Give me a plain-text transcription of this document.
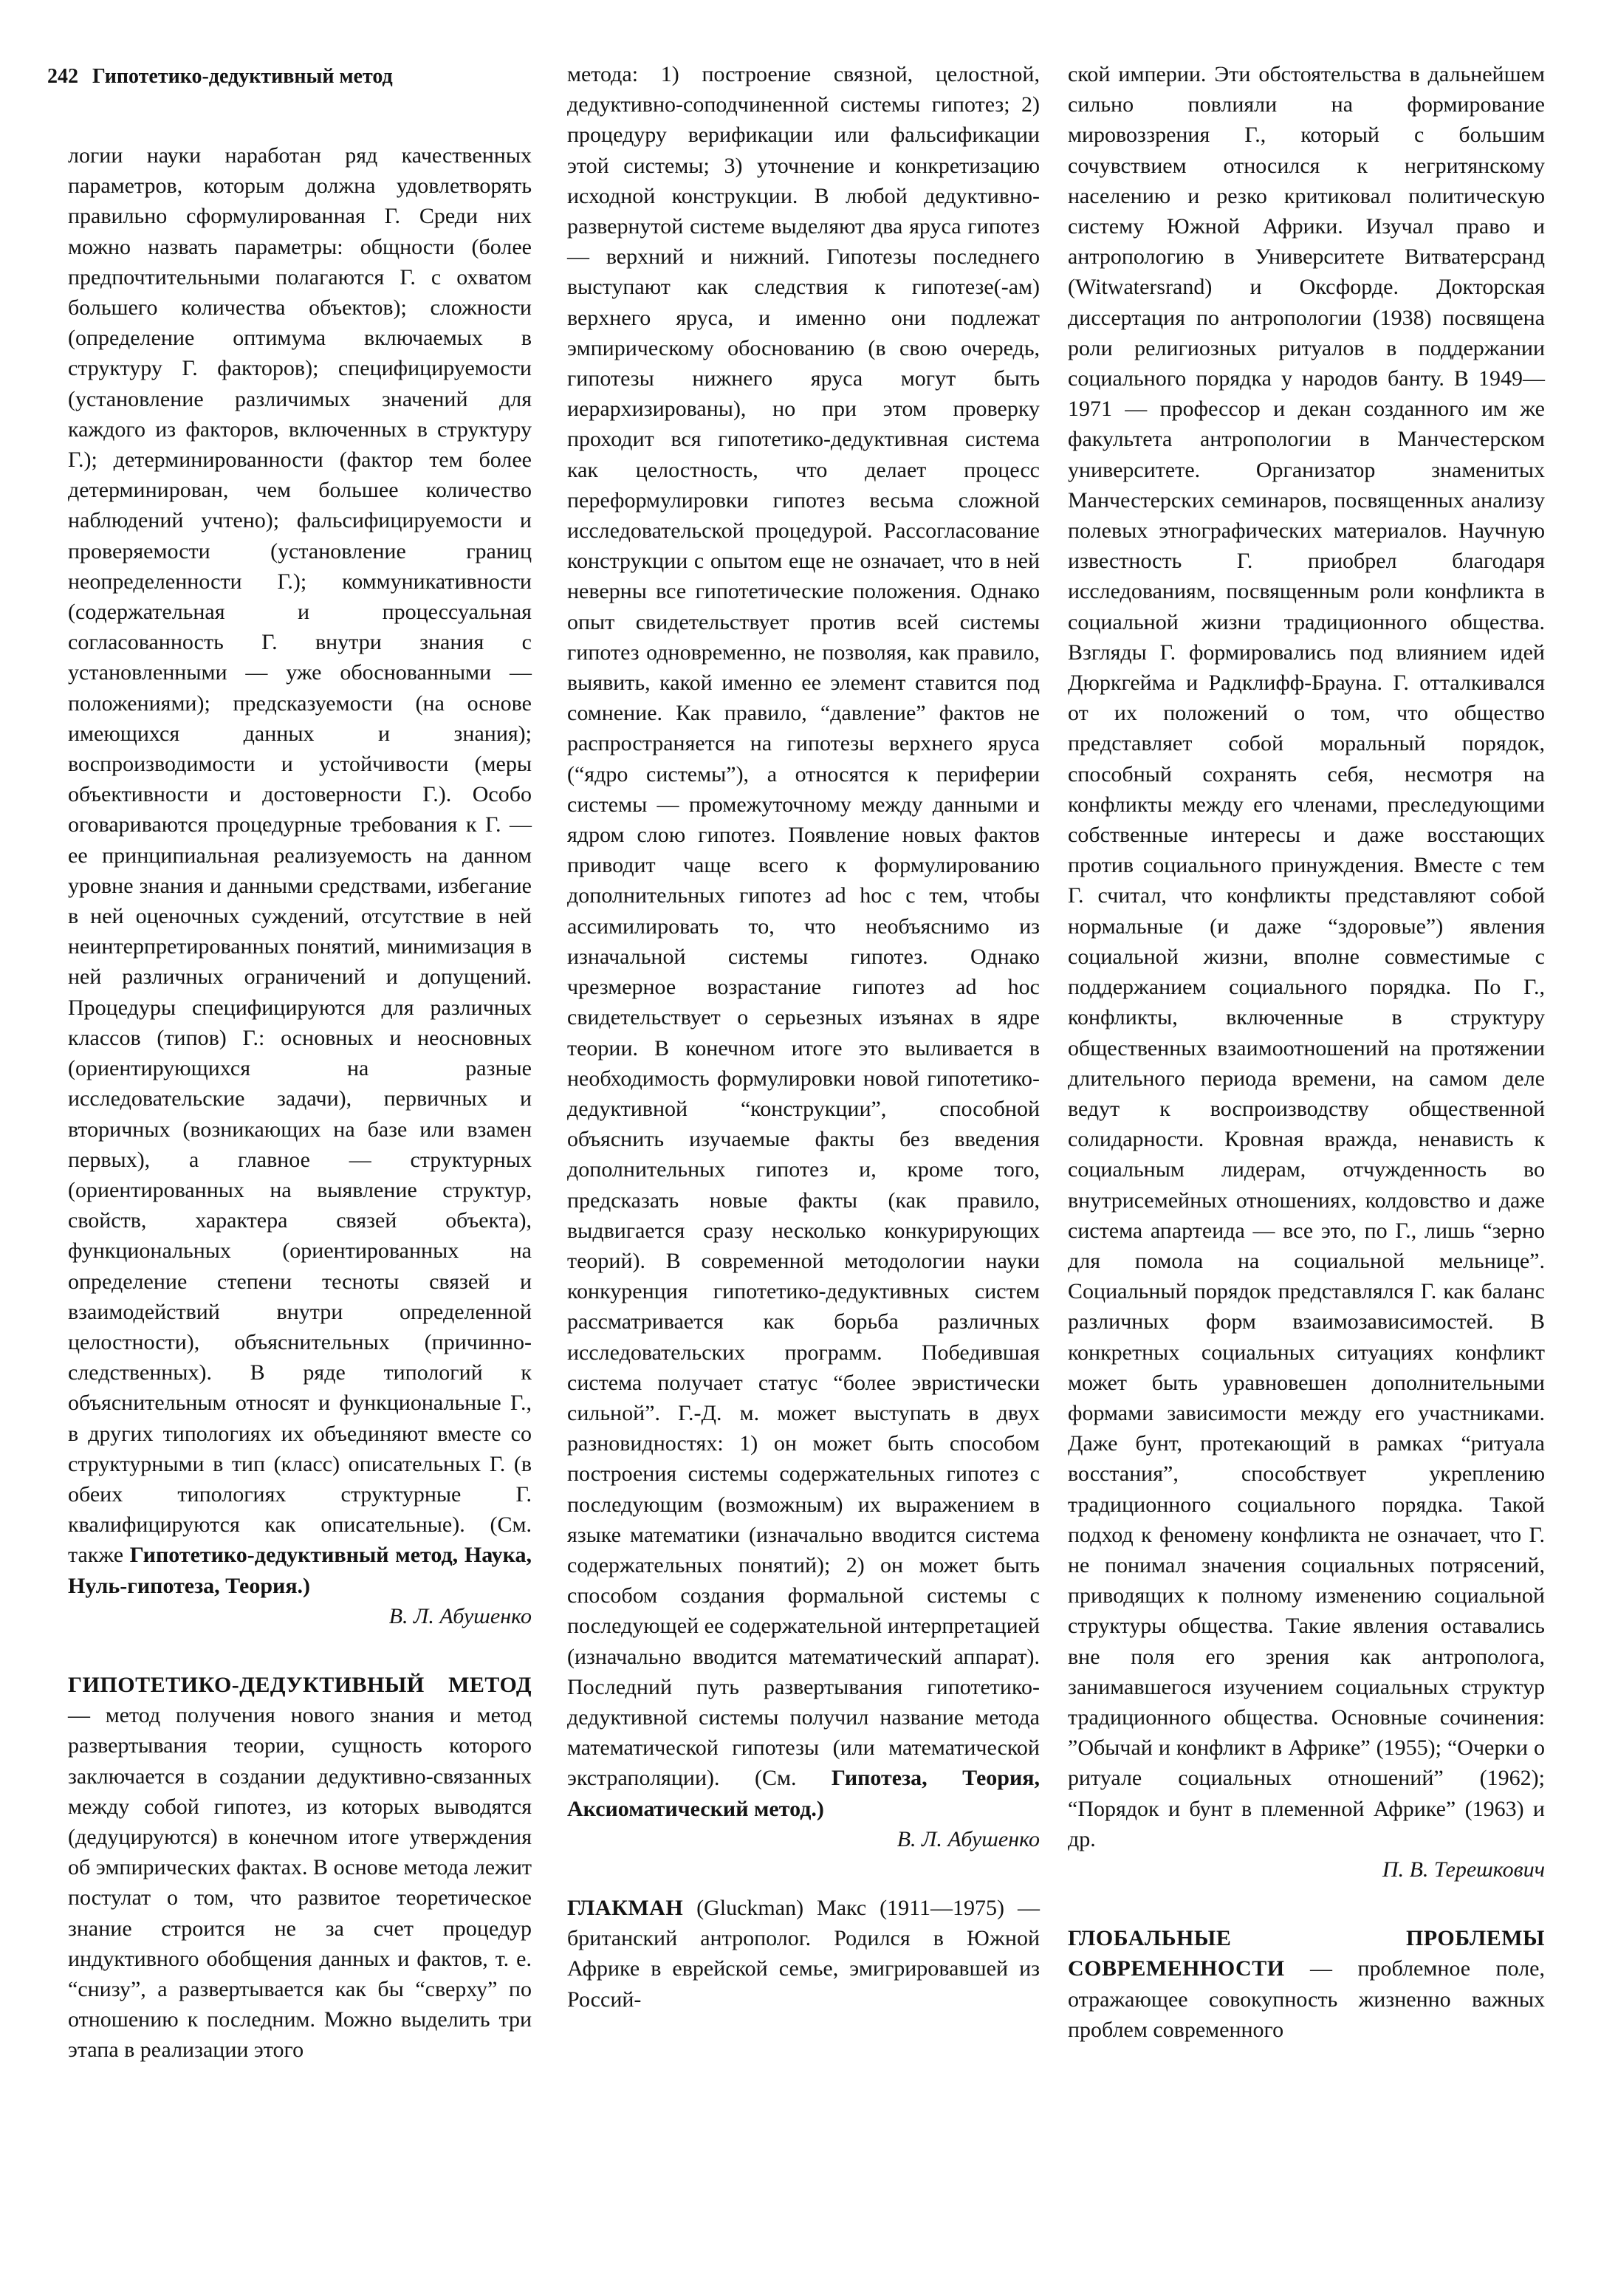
242 Гипотетико-дедуктивный метод

логии науки наработан ряд качественных параметров, которым должна удовлетворять правильно сформулированная Г. Среди них можно назвать параметры: общности (более предпочтительными полагаются Г. с охватом большего количества объектов); сложности (определение оптимума включаемых в структуру Г. факторов); специфицируемости (установление различимых значений для каждого из факторов, включенных в структуру Г.); детерминированности (фактор тем более детерминирован, чем большее количество наблюдений учтено); фальсифицируемости и проверяемости (установление границ неопределенности Г.); коммуникативности (содержательная и процессуальная согласованность Г. внутри знания с установленными — уже обоснованными — положениями); предсказуемости (на основе имеющихся данных и знания); воспроизводимости и устойчивости (меры объективности и достоверности Г.). Особо оговариваются процедурные требования к Г. — ее принципиальная реализуемость на данном уровне знания и данными средствами, избегание в ней оценочных суждений, отсутствие в ней неинтерпретированных понятий, минимизация в ней различных ограничений и допущений. Процедуры специфицируются для различных классов (типов) Г.: основных и неосновных (ориентирующихся на разные исследовательские задачи), первичных и вторичных (возникающих на базе или взамен первых), а главное — структурных (ориентированных на выявление структур, свойств, характера связей объекта), функциональных (ориентированных на определение степени тесноты связей и взаимодействий внутри определенной целостности), объяснительных (причинно-следственных). В ряде типологий к объяснительным относят и функциональные Г., в других типологиях их объединяют вместе со структурными в тип (класс) описательных Г. (в обеих типологиях структурные Г. квалифицируются как описательные). (См. также Гипотетико-дедуктивный метод, Наука, Нуль-гипотеза, Теория.)

В. Л. Абушенко

ГИПОТЕТИКО-ДЕДУКТИВНЫЙ МЕТОД — метод получения нового знания и метод развертывания теории, сущность которого заключается в создании дедуктивно-связанных между собой гипотез, из которых выводятся (дедуцируются) в конечном итоге утверждения об эмпирических фактах. В основе метода лежит постулат о том, что развитое теоретическое знание строится не за счет процедур индуктивного обобщения данных и фактов, т. е. “снизу”, а развертывается как бы “сверху” по отношению к последним. Можно выделить три этапа в реализации этого

метода: 1) построение связной, целостной, дедуктивно-соподчиненной системы гипотез; 2) процедуру верификации или фальсификации этой системы; 3) уточнение и конкретизацию исходной конструкции. В любой дедуктивно-развернутой системе выделяют два яруса гипотез — верхний и нижний. Гипотезы последнего выступают как следствия к гипотезе(-ам) верхнего яруса, и именно они подлежат эмпирическому обоснованию (в свою очередь, гипотезы нижнего яруса могут быть иерархизированы), но при этом проверку проходит вся гипотетико-дедуктивная система как целостность, что делает процесс переформулировки гипотез весьма сложной исследовательской процедурой. Рассогласование конструкции с опытом еще не означает, что в ней неверны все гипотетические положения. Однако опыт свидетельствует против всей системы гипотез одновременно, не позволяя, как правило, выявить, какой именно ее элемент ставится под сомнение. Как правило, “давление” фактов не распространяется на гипотезы верхнего яруса (“ядро системы”), а относятся к периферии системы — промежуточному между данными и ядром слою гипотез. Появление новых фактов приводит чаще всего к формулированию дополнительных гипотез ad hoc с тем, чтобы ассимилировать то, что необъяснимо из изначальной системы гипотез. Однако чрезмерное возрастание гипотез ad hoc свидетельствует о серьезных изъянах в ядре теории. В конечном итоге это выливается в необходимость формулировки новой гипотетико-дедуктивной “конструкции”, способной объяснить изучаемые факты без введения дополнительных гипотез и, кроме того, предсказать новые факты (как правило, выдвигается сразу несколько конкурирующих теорий). В современной методологии науки конкуренция гипотетико-дедуктивных систем рассматривается как борьба различных исследовательских программ. Победившая система получает статус “более эвристически сильной”. Г.-Д. м. может выступать в двух разновидностях: 1) он может быть способом построения системы содержательных гипотез с последующим (возможным) их выражением в языке математики (изначально вводится система содержательных понятий); 2) он может быть способом создания формальной системы с последующей ее содержательной интерпретацией (изначально вводится математический аппарат). Последний путь развертывания гипотетико-дедуктивной системы получил название метода математической гипотезы (или математической экстраполяции). (См. Гипотеза, Теория, Аксиоматический метод.)

В. Л. Абушенко

ГЛАКМАН (Gluckman) Макс (1911—1975) — британский антрополог. Родился в Южной Африке в еврейской семье, эмигрировавшей из Россий-

ской империи. Эти обстоятельства в дальнейшем сильно повлияли на формирование мировоззрения Г., который с большим сочувствием относился к негритянскому населению и резко критиковал политическую систему Южной Африки. Изучал право и антропологию в Университете Витватерсранд (Witwatersrand) и Оксфорде. Докторская диссертация по антропологии (1938) посвящена роли религиозных ритуалов в поддержании социального порядка у народов банту. В 1949—1971 — профессор и декан созданного им же факультета антропологии в Манчестерском университете. Организатор знаменитых Манчестерских семинаров, посвященных анализу полевых этнографических материалов. Научную известность Г. приобрел благодаря исследованиям, посвященным роли конфликта в социальной жизни традиционного общества. Взгляды Г. формировались под влиянием идей Дюркгейма и Радклифф-Брауна. Г. отталкивался от их положений о том, что общество представляет собой моральный порядок, способный сохранять себя, несмотря на конфликты между его членами, преследующими собственные интересы и даже восстающих против социального принуждения. Вместе с тем Г. считал, что конфликты представляют собой нормальные (и даже “здоровые”) явления социальной жизни, вполне совместимые с поддержанием социального порядка. По Г., конфликты, включенные в структуру общественных взаимоотношений на протяжении длительного периода времени, на самом деле ведут к воспроизводству общественной солидарности. Кровная вражда, ненависть к социальным лидерам, отчужденность во внутрисемейных отношениях, колдовство и даже система апартеида — все это, по Г., лишь “зерно для помола на социальной мельнице”. Социальный порядок представлялся Г. как баланс различных форм взаимозависимостей. В конкретных социальных ситуациях конфликт может быть уравновешен дополнительными формами зависимости между его участниками. Даже бунт, протекающий в рамках “ритуала восстания”, способствует укреплению традиционного социального порядка. Такой подход к феномену конфликта не означает, что Г. не понимал значения социальных потрясений, приводящих к полному изменению социальной структуры общества. Такие явления оставались вне поля его зрения как антрополога, занимавшегося изучением социальных структур традиционного общества. Основные сочинения: ”Обычай и конфликт в Африке” (1955); “Очерки о ритуале социальных отношений” (1962); “Порядок и бунт в племенной Африке” (1963) и др.

П. В. Терешкович

ГЛОБАЛЬНЫЕ ПРОБЛЕМЫ СОВРЕМЕННОСТИ — проблемное поле, отражающее совокупность жизненно важных проблем современного
